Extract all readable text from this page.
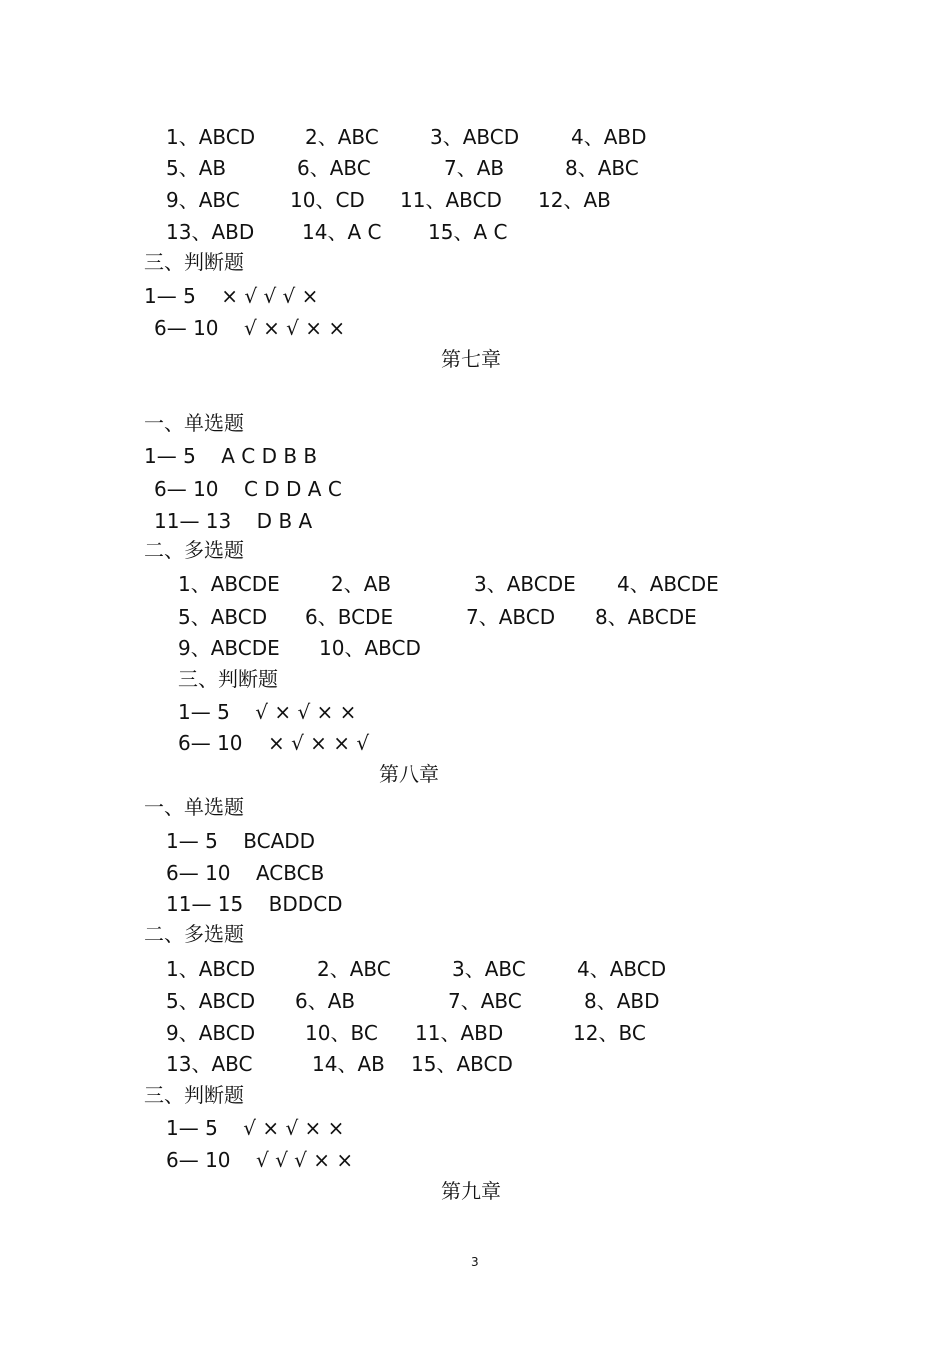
1、ABCD 2、ABC	3、ABCD	4、ABD
5、AB	6、ABC	7、AB	8、ABC
9、ABC	10、CD 11、ABCD 12、AB
13、ABD 14、A C 15、A C
三、判断题
1— 5    × √ √ √ ×
6— 10    √ × √ × ×
第七章
一、单选题
1— 5    A C D B B
6— 10    C D D A C
11— 13    D B A
二、多选题
1、ABCDE	2、AB	3、ABCDE 4、ABCDE
5、ABCD 6、BCDE	7、ABCD 8、ABCDE
9、ABCDE 10、ABCD
三、判断题
1— 5    √ × √ × ×
6— 10    × √ × × √
第八章
一、单选题
1— 5    BCADD
6— 10    ACBCB
11— 15    BDDCD
二、多选题
1、ABCD	2、ABC	3、ABC	4、ABCD
5、ABCD 6、AB	7、ABC	8、ABD
9、ABCD 10、BC 11、ABD	12、BC
13、ABC	14、AB 15、ABCD
三、判断题
1— 5    √ × √ × ×
6— 10    √ √ √ × ×
第九章
3
